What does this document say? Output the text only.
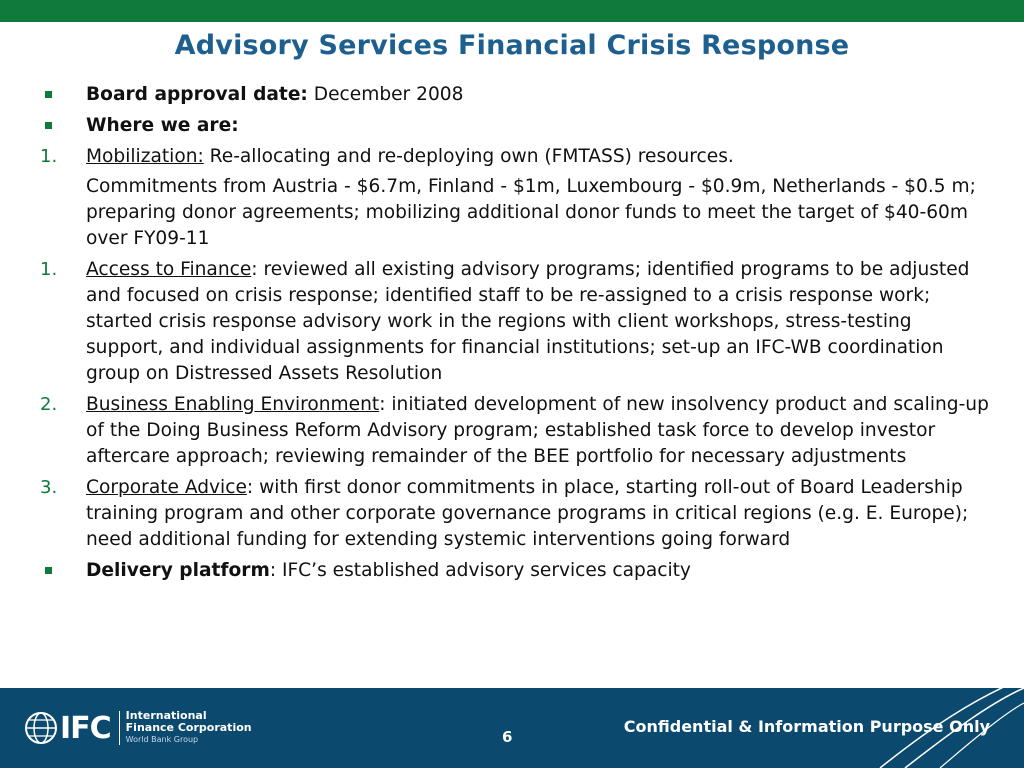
Advisory Services Financial Crisis Response
Board approval date: December 2008
Where we are:
1.	Mobilization: Re-allocating and re-deploying own (FMTASS) resources.
Commitments from Austria - $6.7m, Finland - $1m, Luxembourg - $0.9m, Netherlands - $0.5 m; preparing donor agreements; mobilizing additional donor funds to meet the target of $40-60m over FY09-11
1.	Access to Finance: reviewed all existing advisory programs; identified programs to be adjusted and focused on crisis response; identified staff to be re-assigned to a crisis response work; started crisis response advisory work in the regions with client workshops, stress-testing support, and individual assignments for financial institutions; set-up an IFC-WB coordination group on Distressed Assets Resolution
2.	Business Enabling Environment: initiated development of new insolvency product and scaling-up of the Doing Business Reform Advisory program; established task force to develop investor aftercare approach; reviewing remainder of the BEE portfolio for necessary adjustments
3.	Corporate Advice: with first donor commitments in place, starting roll-out of Board Leadership training program and other corporate governance programs in critical regions (e.g. E. Europe); need additional funding for extending systemic interventions going forward
Delivery platform: IFC’s established advisory services capacity
IFC International
Finance Corporation
World Bank Group	6
Confidential & Information Purpose Only
